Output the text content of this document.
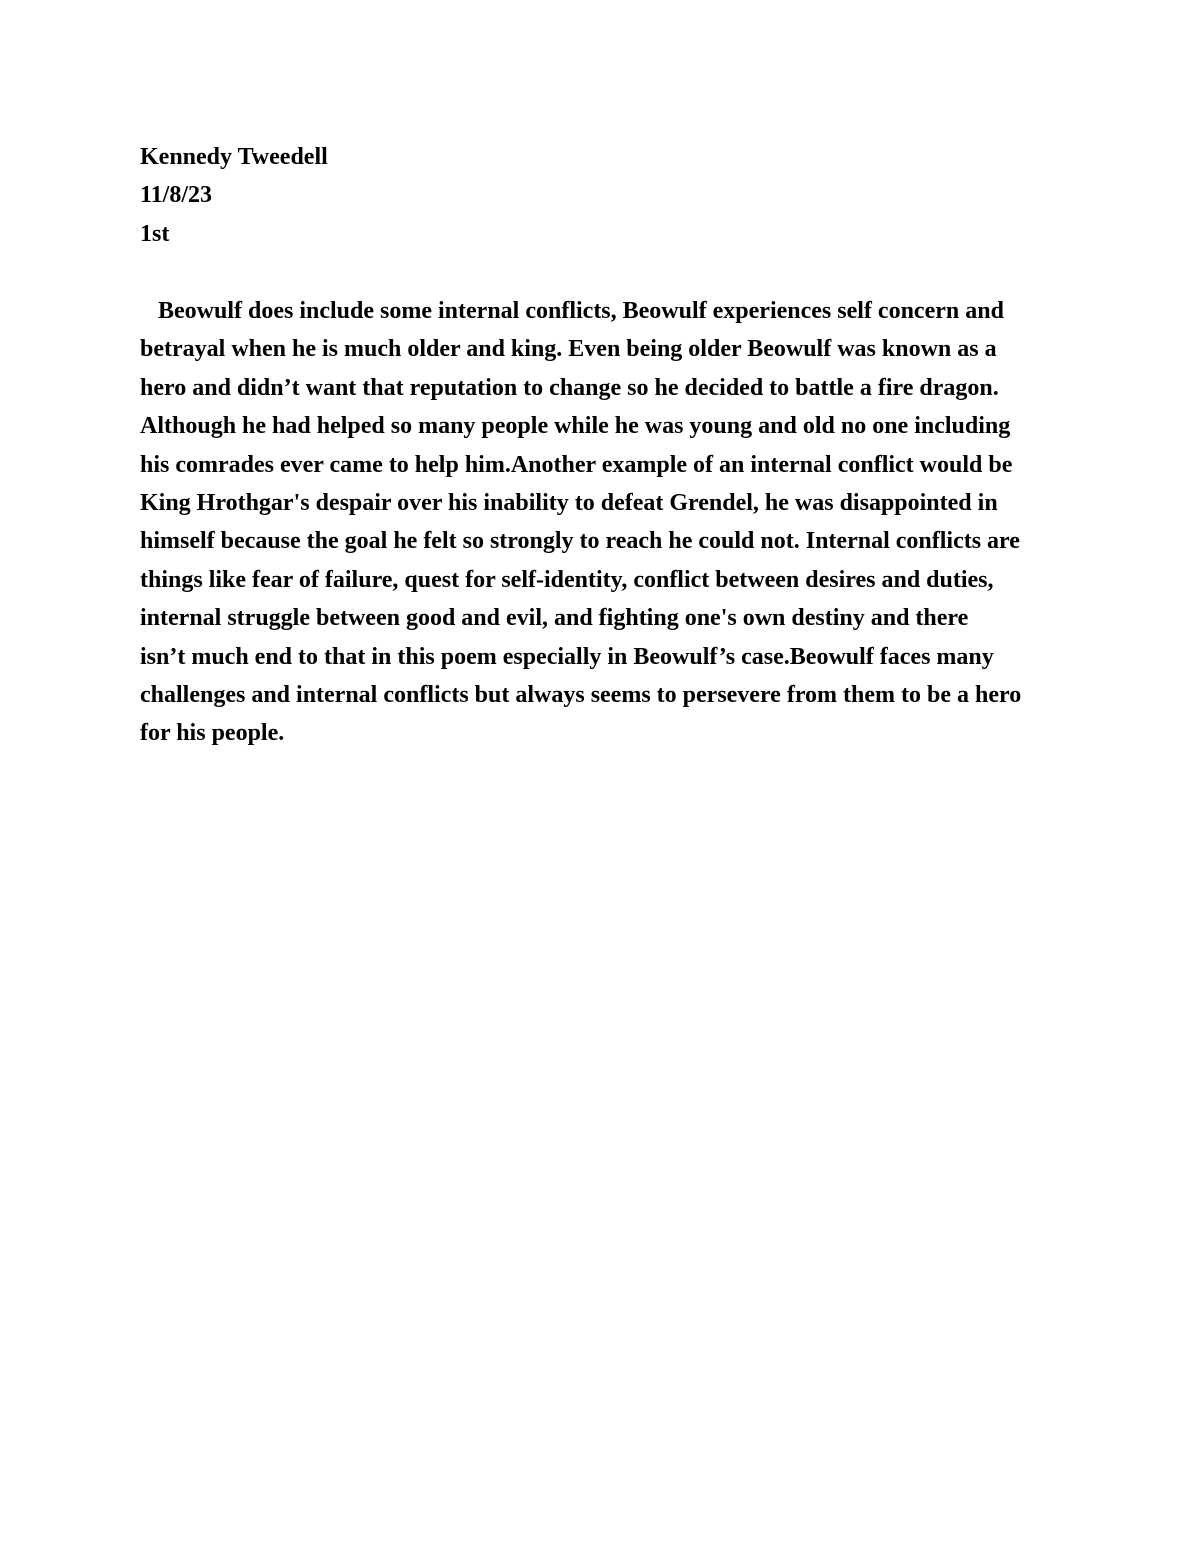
Kennedy Tweedell
11/8/23
1st
Beowulf does include some internal conflicts, Beowulf experiences self concern and
betrayal when he is much older and king. Even being older Beowulf was known as a
hero and didn’t want that reputation to change so he decided to battle a fire dragon.
Although he had helped so many people while he was young and old no one including
his comrades ever came to help him.Another example of an internal conflict would be
King Hrothgar's despair over his inability to defeat Grendel, he was disappointed in
himself because the goal he felt so strongly to reach he could not. Internal conflicts are
things like fear of failure, quest for self-identity, conflict between desires and duties,
internal struggle between good and evil, and fighting one's own destiny and there
isn’t much end to that in this poem especially in Beowulf’s case.Beowulf faces many
challenges and internal conflicts but always seems to persevere from them to be a hero
for his people.
